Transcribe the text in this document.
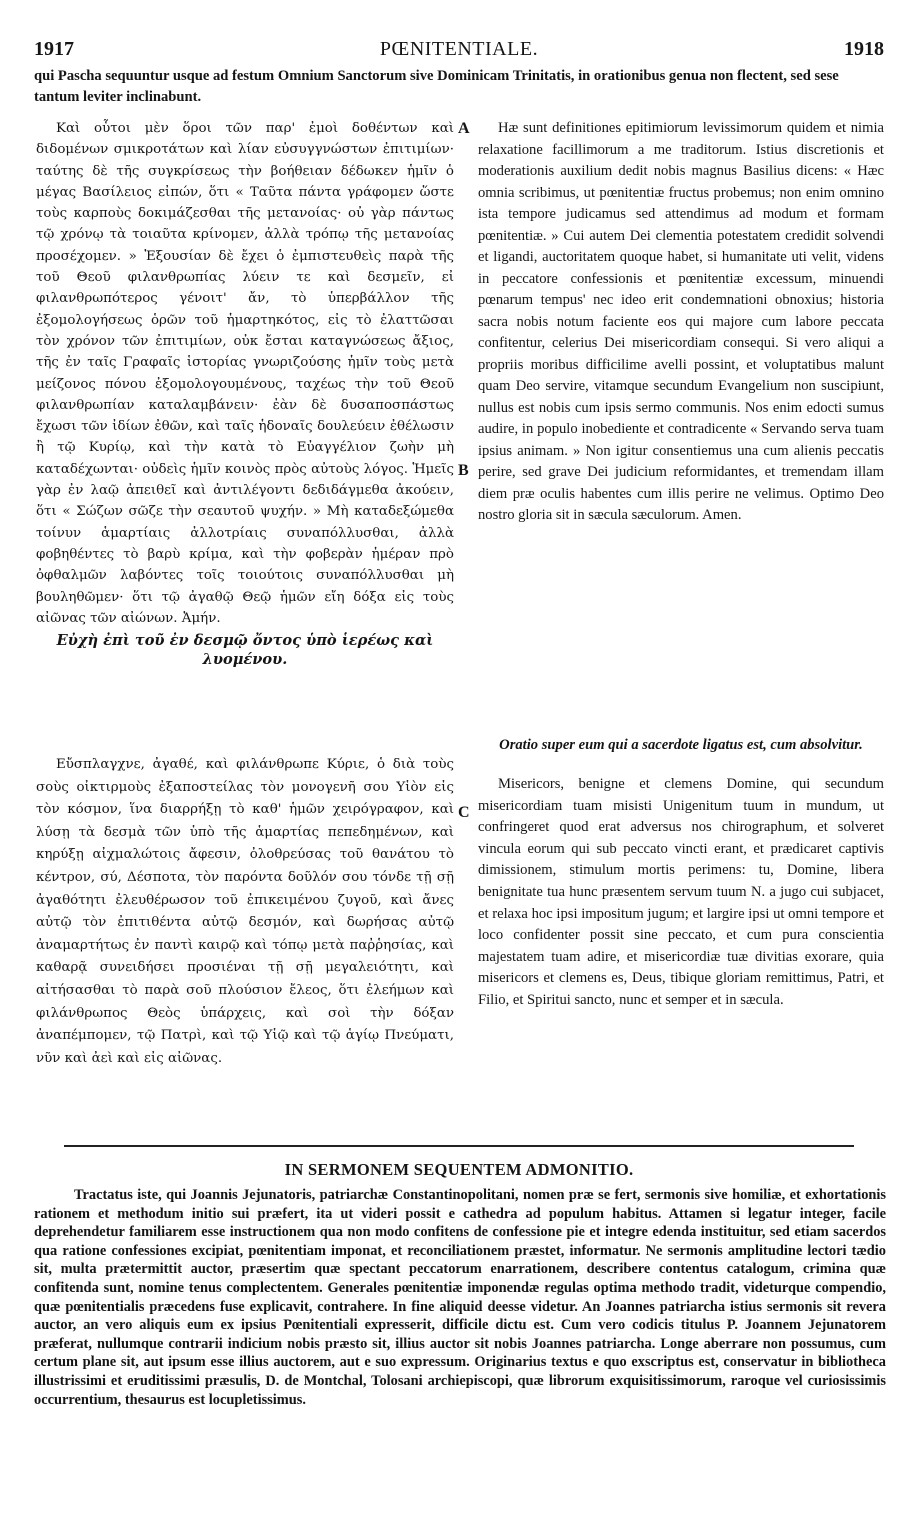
1917	PŒNITENTIALE.	1918
qui Pascha sequuntur usque ad festum Omnium Sanctorum sive Dominicam Trinitatis, in orationibus genua non flectent, sed sese tantum leviter inclinabunt.

Καὶ οὗτοι μὲν ὅροι τῶν παρ' ἐμοὶ δοθέντων καὶ διδομένων σμικροτάτων καὶ λίαν εὐσυγγνώστων ἐπιτιμίων· ταύτης δὲ τῆς συγκρίσεως τὴν βοήθειαν δέδωκεν ἡμῖν ὁ μέγας Βασίλειος εἰπών, ὅτι « Ταῦτα πάντα γράφομεν ὥστε τοὺς καρποὺς δοκιμάζεσθαι τῆς μετανοίας· οὐ γὰρ πάντως τῷ χρόνῳ τὰ τοιαῦτα κρίνομεν, ἀλλὰ τρόπῳ τῆς μετανοίας προσέχομεν. » Ἐξουσίαν δὲ ἔχει ὁ ἐμπιστευθεὶς παρὰ τῆς τοῦ Θεοῦ φιλανθρωπίας λύειν τε καὶ δεσμεῖν, εἰ φιλανθρωπότερος γένοιτ' ἄν, τὸ ὑπερβάλλον τῆς ἐξομολογήσεως ὁρῶν τοῦ ἡμαρτηκότος, εἰς τὸ ἐλαττῶσαι τὸν χρόνον τῶν ἐπιτιμίων, οὐκ ἔσται καταγνώσεως ἄξιος, τῆς ἐν ταῖς Γραφαῖς ἱστορίας γνωριζούσης ἡμῖν τοὺς μετὰ μείζονος πόνου ἐξομολογουμένους, ταχέως τὴν τοῦ Θεοῦ φιλανθρωπίαν καταλαμβάνειν· ἐὰν δὲ δυσαποσπάστως ἔχωσι τῶν ἰδίων ἐθῶν, καὶ ταῖς ἡδοναῖς δουλεύειν ἐθέλωσιν ἢ τῷ Κυρίῳ, καὶ τὴν κατὰ τὸ Εὐαγγέλιον ζωὴν μὴ καταδέχωνται· οὐδεὶς ἡμῖν κοινὸς πρὸς αὐτοὺς λόγος. Ἡμεῖς γὰρ ἐν λαῷ ἀπειθεῖ καὶ ἀντιλέγοντι δεδιδάγμεθα ἀκούειν, ὅτι « Σώζων σῶζε τὴν σεαυτοῦ ψυχήν. » Μὴ καταδεξώμεθα τοίνυν ἁμαρτίαις ἀλλοτρίαις συναπόλλυσθαι, ἀλλὰ φοβηθέντες τὸ βαρὺ κρίμα, καὶ τὴν φοβερὰν ἡμέραν πρὸ ὀφθαλμῶν λαβόντες τοῖς τοιούτοις συναπόλλυσθαι μὴ βουληθῶμεν· ὅτι τῷ ἀγαθῷ Θεῷ ἡμῶν εἴη δόξα εἰς τοὺς αἰῶνας τῶν αἰώνων. Ἀμήν.

Εὐχὴ ἐπὶ τοῦ ἐν δεσμῷ ὄντος ὑπὸ ἱερέως καὶ λυομένου.

Εὔσπλαγχνε, ἀγαθέ, καὶ φιλάνθρωπε Κύριε, ὁ διὰ τοὺς σοὺς οἰκτιρμοὺς ἐξαποστείλας τὸν μονογενῆ σου Υἱὸν εἰς τὸν κόσμον, ἵνα διαρρήξῃ τὸ καθ' ἡμῶν χειρόγραφον, καὶ λύσῃ τὰ δεσμὰ τῶν ὑπὸ τῆς ἁμαρτίας πεπεδημένων, καὶ κηρύξῃ αἰχμαλώτοις ἄφεσιν, ὀλοθρεύσας τοῦ θανάτου τὸ κέντρον, σύ, Δέσποτα, τὸν παρόντα δοῦλόν σου τόνδε τῇ σῇ ἀγαθότητι ἐλευθέρωσον τοῦ ἐπικειμένου ζυγοῦ, καὶ ἄνες αὐτῷ τὸν ἐπιτιθέντα αὐτῷ δεσμόν, καὶ δωρήσας αὐτῷ ἀναμαρτήτως ἐν παντὶ καιρῷ καὶ τόπῳ μετὰ παῤῥησίας, καὶ καθαρᾷ συνειδήσει προσιέναι τῇ σῇ μεγαλειότητι, καὶ αἰτήσασθαι τὸ παρὰ σοῦ πλούσιον ἔλεος, ὅτι ἐλεήμων καὶ φιλάνθρωπος Θεὸς ὑπάρχεις, καὶ σοὶ τὴν δόξαν ἀναπέμπομεν, τῷ Πατρὶ, καὶ τῷ Υἱῷ καὶ τῷ ἁγίῳ Πνεύματι, νῦν καὶ ἀεὶ καὶ εἰς αἰῶνας.

Hæ sunt definitiones epitimiorum levissimorum quidem et nimia relaxatione facillimorum a me traditorum. Istius discretionis et moderationis auxilium dedit nobis magnus Basilius dicens: « Hæc omnia scribimus, ut pœnitentiæ fructus probemus; non enim omnino ista tempore judicamus sed attendimus ad modum et formam pœnitentiæ. » Cui autem Dei clementia potestatem credidit solvendi et ligandi, auctoritatem quoque habet, si humanitate uti velit, videns in peccatore confessionis et pœnitentiæ excessum, minuendi pœnarum tempus' nec ideo erit condemnationi obnoxius; historia sacra nobis notum faciente eos qui majore cum labore peccata confitentur, celerius Dei misericordiam consequi. Si vero aliqui a propriis moribus difficilime avelli possint, et voluptatibus malunt quam Deo servire, vitamque secundum Evangelium non suscipiunt, nullus est nobis cum ipsis sermo communis. Nos enim edocti sumus audire, in populo inobediente et contradicente « Servando serva tuam ipsius animam. » Non igitur consentiemus una cum alienis peccatis perire, sed grave Dei judicium reformidantes, et tremendam illam diem præ oculis habentes cum illis perire ne velimus. Optimo Deo nostro gloria sit in sæcula sæculorum. Amen.

Oratio super eum qui a sacerdote ligatus est, cum absolvitur.
Misericors, benigne et clemens Domine, qui secundum misericordiam tuam misisti Unigenitum tuum in mundum, ut confringeret quod erat adversus nos chirographum, et solveret vincula eorum qui sub peccato vincti erant, et prædicaret captivis dimissionem, stimulum mortis perimens: tu, Domine, libera benignitate tua hunc præsentem servum tuum N. a jugo cui subjacet, et relaxa hoc ipsi impositum jugum; et largire ipsi ut omni tempore et loco confidenter possit sine peccato, et cum pura conscientia majestatem tuam adire, et misericordiæ tuæ divitias exorare, quia misericors et clemens es, Deus, tibique gloriam remittimus, Patri, et Filio, et Spiritui sancto, nunc et semper et in sæcula.
A
B
C
IN SERMONEM SEQUENTEM ADMONITIO.
Tractatus iste, qui Joannis Jejunatoris, patriarchæ Constantinopolitani, nomen præ se fert, sermonis sive homiliæ, et exhortationis rationem et methodum initio sui præfert, ita ut videri possit e cathedra ad populum habitus. Attamen si legatur integer, facile deprehendetur familiarem esse instructionem qua non modo confitens de confessione pie et integre edenda instituitur, sed etiam sacerdos qua ratione confessiones excipiat, pœnitentiam imponat, et reconciliationem præstet, informatur. Ne sermonis amplitudine lectori tædio sit, multa prætermittit auctor, præsertim quæ spectant peccatorum enarrationem, describere contentus catalogum, crimina quæ confitenda sunt, nomine tenus complectentem. Generales pœnitentiæ imponendæ regulas optima methodo tradit, videturque compendio, quæ pœnitentialis præcedens fuse explicavit, contrahere. In fine aliquid deesse videtur. An Joannes patriarcha istius sermonis sit revera auctor, an vero aliquis eum ex ipsius Pœnitentiali expresserit, difficile dictu est. Cum vero codicis titulus P. Joannem Jejunatorem præferat, nullumque contrarii indicium nobis præsto sit, illius auctor sit nobis Joannes patriarcha. Longe aberrare non possumus, cum certum plane sit, aut ipsum esse illius auctorem, aut e suo expressum. Originarius textus e quo exscriptus est, conservatur in bibliotheca illustrissimi et eruditissimi præsulis, D. de Montchal, Tolosani archiepiscopi, quæ librorum exquisitissimorum, raroque vel curiosissimis occurrentium, thesaurus est locupletissimus.
